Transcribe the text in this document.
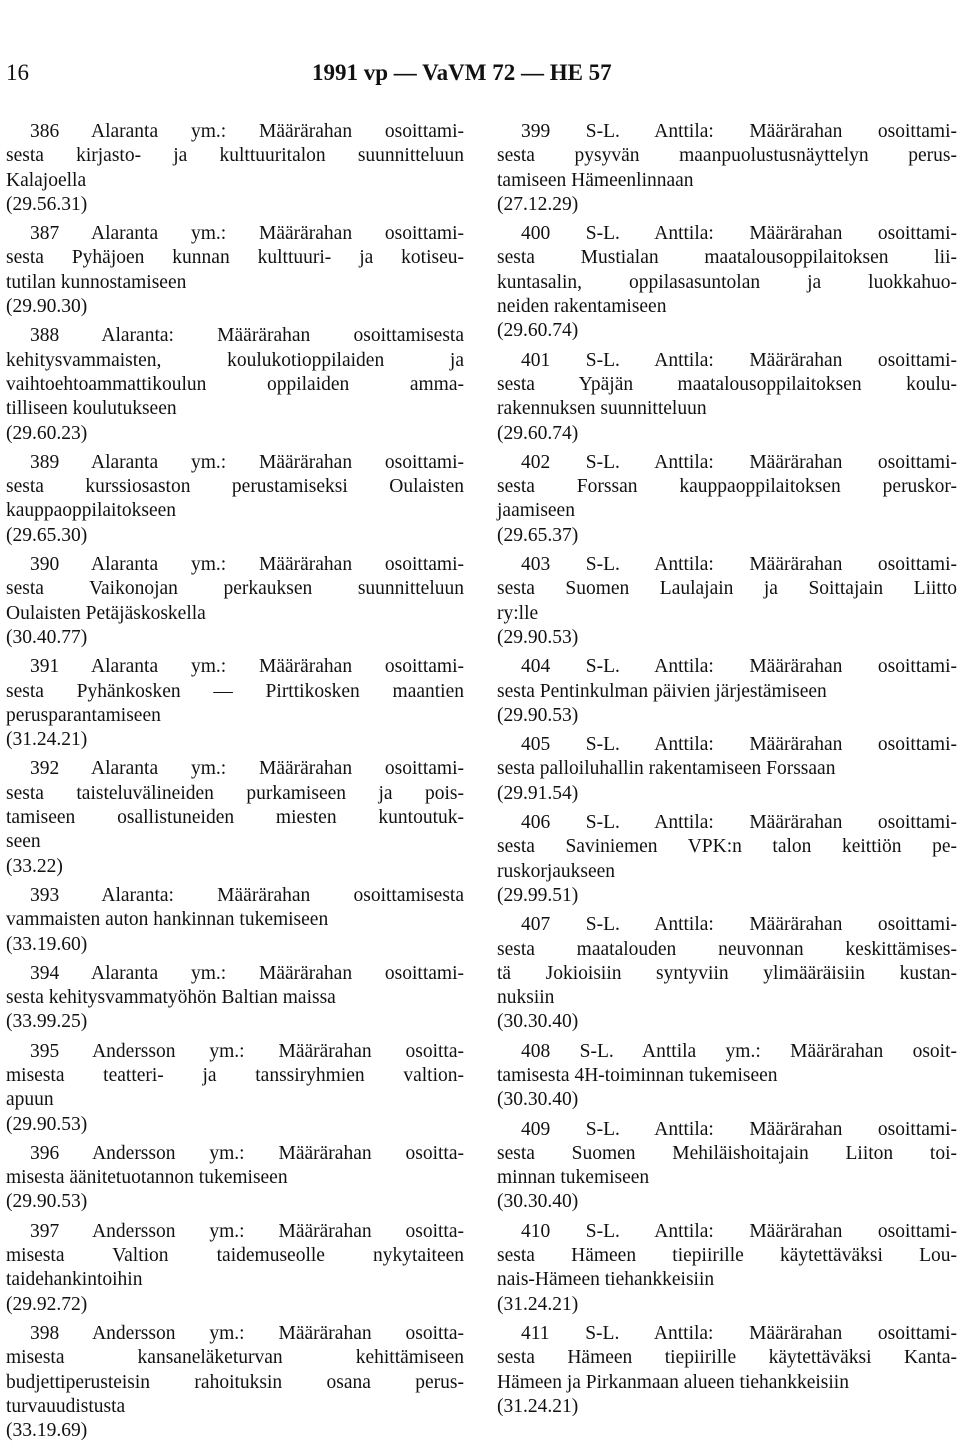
16	1991 vp — VaVM 72 — HE 57
386 Alaranta ym.: Määrärahan osoittami-
sesta kirjasto- ja kulttuuritalon suunnitteluun
Kalajoella
(29.56.31)
387 Alaranta ym.: Määrärahan osoittami-
sesta Pyhäjoen kunnan kulttuuri- ja kotiseu-
tutilan kunnostamiseen
(29.90.30)
388 Alaranta: Määrärahan osoittamisesta
kehitysvammaisten, koulukotioppilaiden ja
vaihtoehtoammattikoulun oppilaiden amma-
tilliseen koulutukseen
(29.60.23)
389 Alaranta ym.: Määrärahan osoittami-
sesta kurssiosaston perustamiseksi Oulaisten
kauppaoppilaitokseen
(29.65.30)
390 Alaranta ym.: Määrärahan osoittami-
sesta Vaikonojan perkauksen suunnitteluun
Oulaisten Petäjäskoskella
(30.40.77)
391 Alaranta ym.: Määrärahan osoittami-
sesta Pyhänkosken — Pirttikosken maantien
perusparantamiseen
(31.24.21)
392 Alaranta ym.: Määrärahan osoittami-
sesta taisteluvälineiden purkamiseen ja pois-
tamiseen osallistuneiden miesten kuntoutuk-
seen
(33.22)
393 Alaranta: Määrärahan osoittamisesta
vammaisten auton hankinnan tukemiseen
(33.19.60)
394 Alaranta ym.: Määrärahan osoittami-
sesta kehitysvammatyöhön Baltian maissa
(33.99.25)
395 Andersson ym.: Määrärahan osoitta-
misesta teatteri- ja tanssiryhmien valtion-
apuun
(29.90.53)
396 Andersson ym.: Määrärahan osoitta-
misesta äänitetuotannon tukemiseen
(29.90.53)
397 Andersson ym.: Määrärahan osoitta-
misesta Valtion taidemuseolle nykytaiteen
taidehankintoihin
(29.92.72)
398 Andersson ym.: Määrärahan osoitta-
misesta kansaneläketurvan kehittämiseen
budjettiperusteisin rahoituksin osana perus-
turvauudistusta
(33.19.69)
399 S-L. Anttila: Määrärahan osoittami-
sesta pysyvän maanpuolustusnäyttelyn perus-
tamiseen Hämeenlinnaan
(27.12.29)
400 S-L. Anttila: Määrärahan osoittami-
sesta Mustialan maatalousoppilaitoksen lii-
kuntasalin, oppilasasuntolan ja luokkahuo-
neiden rakentamiseen
(29.60.74)
401 S-L. Anttila: Määrärahan osoittami-
sesta Ypäjän maatalousoppilaitoksen koulu-
rakennuksen suunnitteluun
(29.60.74)
402 S-L. Anttila: Määrärahan osoittami-
sesta Forssan kauppaoppilaitoksen peruskor-
jaamiseen
(29.65.37)
403 S-L. Anttila: Määrärahan osoittami-
sesta Suomen Laulajain ja Soittajain Liitto
ry:lle
(29.90.53)
404 S-L. Anttila: Määrärahan osoittami-
sesta Pentinkulman päivien järjestämiseen
(29.90.53)
405 S-L. Anttila: Määrärahan osoittami-
sesta palloiluhallin rakentamiseen Forssaan
(29.91.54)
406 S-L. Anttila: Määrärahan osoittami-
sesta Saviniemen VPK:n talon keittiön pe-
ruskorjaukseen
(29.99.51)
407 S-L. Anttila: Määrärahan osoittami-
sesta maatalouden neuvonnan keskittämises-
tä Jokioisiin syntyviin ylimääräisiin kustan-
nuksiin
(30.30.40)
408 S-L. Anttila ym.: Määrärahan osoit-
tamisesta 4H-toiminnan tukemiseen
(30.30.40)
409 S-L. Anttila: Määrärahan osoittami-
sesta Suomen Mehiläishoitajain Liiton toi-
minnan tukemiseen
(30.30.40)
410 S-L. Anttila: Määrärahan osoittami-
sesta Hämeen tiepiirille käytettäväksi Lou-
nais-Hämeen tiehankkeisiin
(31.24.21)
411 S-L. Anttila: Määrärahan osoittami-
sesta Hämeen tiepiirille käytettäväksi Kanta-
Hämeen ja Pirkanmaan alueen tiehankkeisiin
(31.24.21)
